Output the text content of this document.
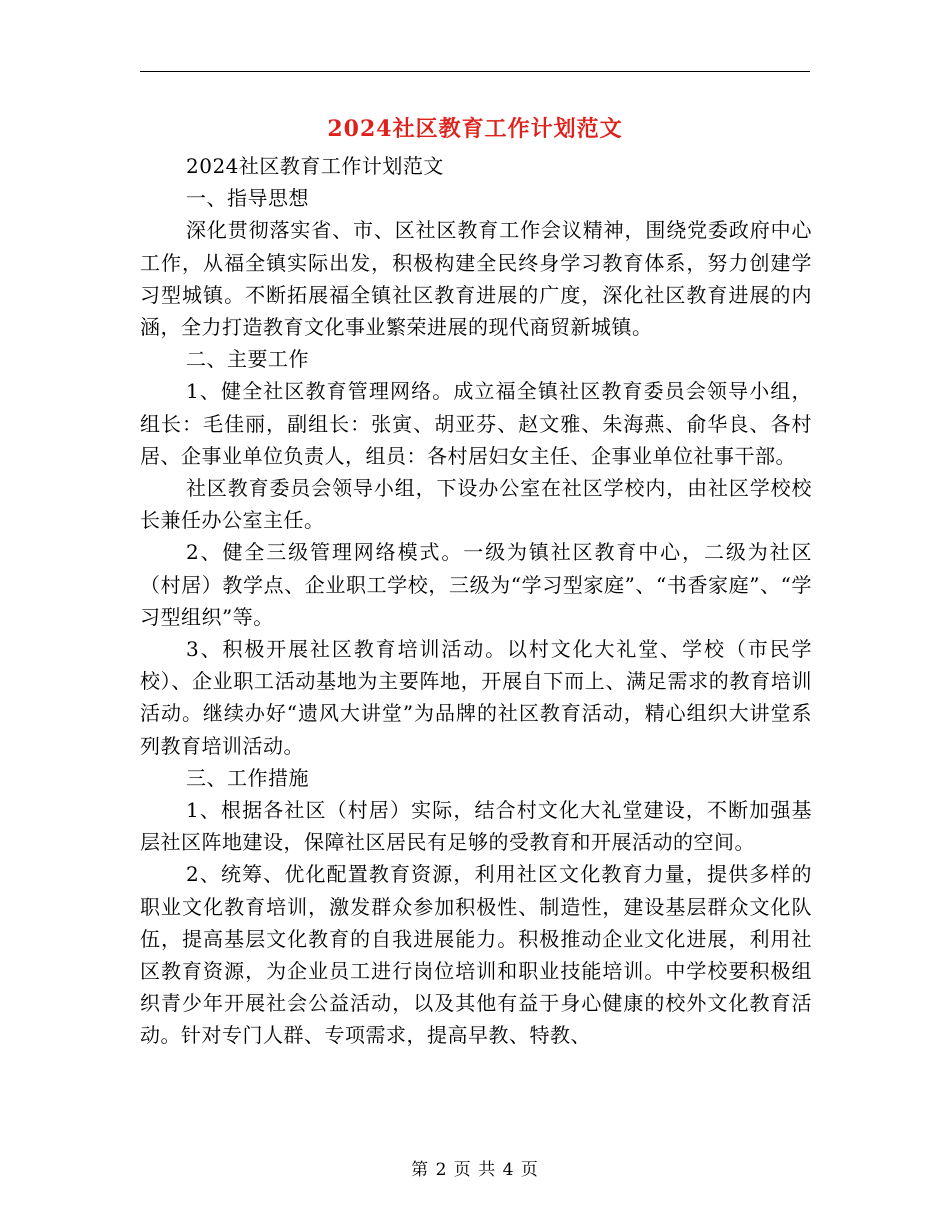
2024社区教育工作计划范文

2024社区教育工作计划范文

一、指导思想

深化贯彻落实省、市、区社区教育工作会议精神，围绕党委政府中心工作，从福全镇实际出发，积极构建全民终身学习教育体系，努力创建学习型城镇。不断拓展福全镇社区教育进展的广度，深化社区教育进展的内涵，全力打造教育文化事业繁荣进展的现代商贸新城镇。

二、主要工作

1、健全社区教育管理网络。成立福全镇社区教育委员会领导小组，组长：毛佳丽，副组长：张寅、胡亚芬、赵文雅、朱海燕、俞华良、各村居、企事业单位负责人，组员：各村居妇女主任、企事业单位社事干部。

社区教育委员会领导小组，下设办公室在社区学校内，由社区学校校长兼任办公室主任。

2、健全三级管理网络模式。一级为镇社区教育中心，二级为社区（村居）教学点、企业职工学校，三级为“学习型家庭”、“书香家庭”、“学习型组织”等。

3、积极开展社区教育培训活动。以村文化大礼堂、学校（市民学校）、企业职工活动基地为主要阵地，开展自下而上、满足需求的教育培训活动。继续办好“遗风大讲堂”为品牌的社区教育活动，精心组织大讲堂系列教育培训活动。

三、工作措施

1、根据各社区（村居）实际，结合村文化大礼堂建设，不断加强基层社区阵地建设，保障社区居民有足够的受教育和开展活动的空间。

2、统筹、优化配置教育资源，利用社区文化教育力量，提供多样的职业文化教育培训，激发群众参加积极性、制造性，建设基层群众文化队伍，提高基层文化教育的自我进展能力。积极推动企业文化进展，利用社区教育资源，为企业员工进行岗位培训和职业技能培训。中学校要积极组织青少年开展社会公益活动，以及其他有益于身心健康的校外文化教育活动。针对专门人群、专项需求，提高早教、特教、

第 2 页 共 4 页
